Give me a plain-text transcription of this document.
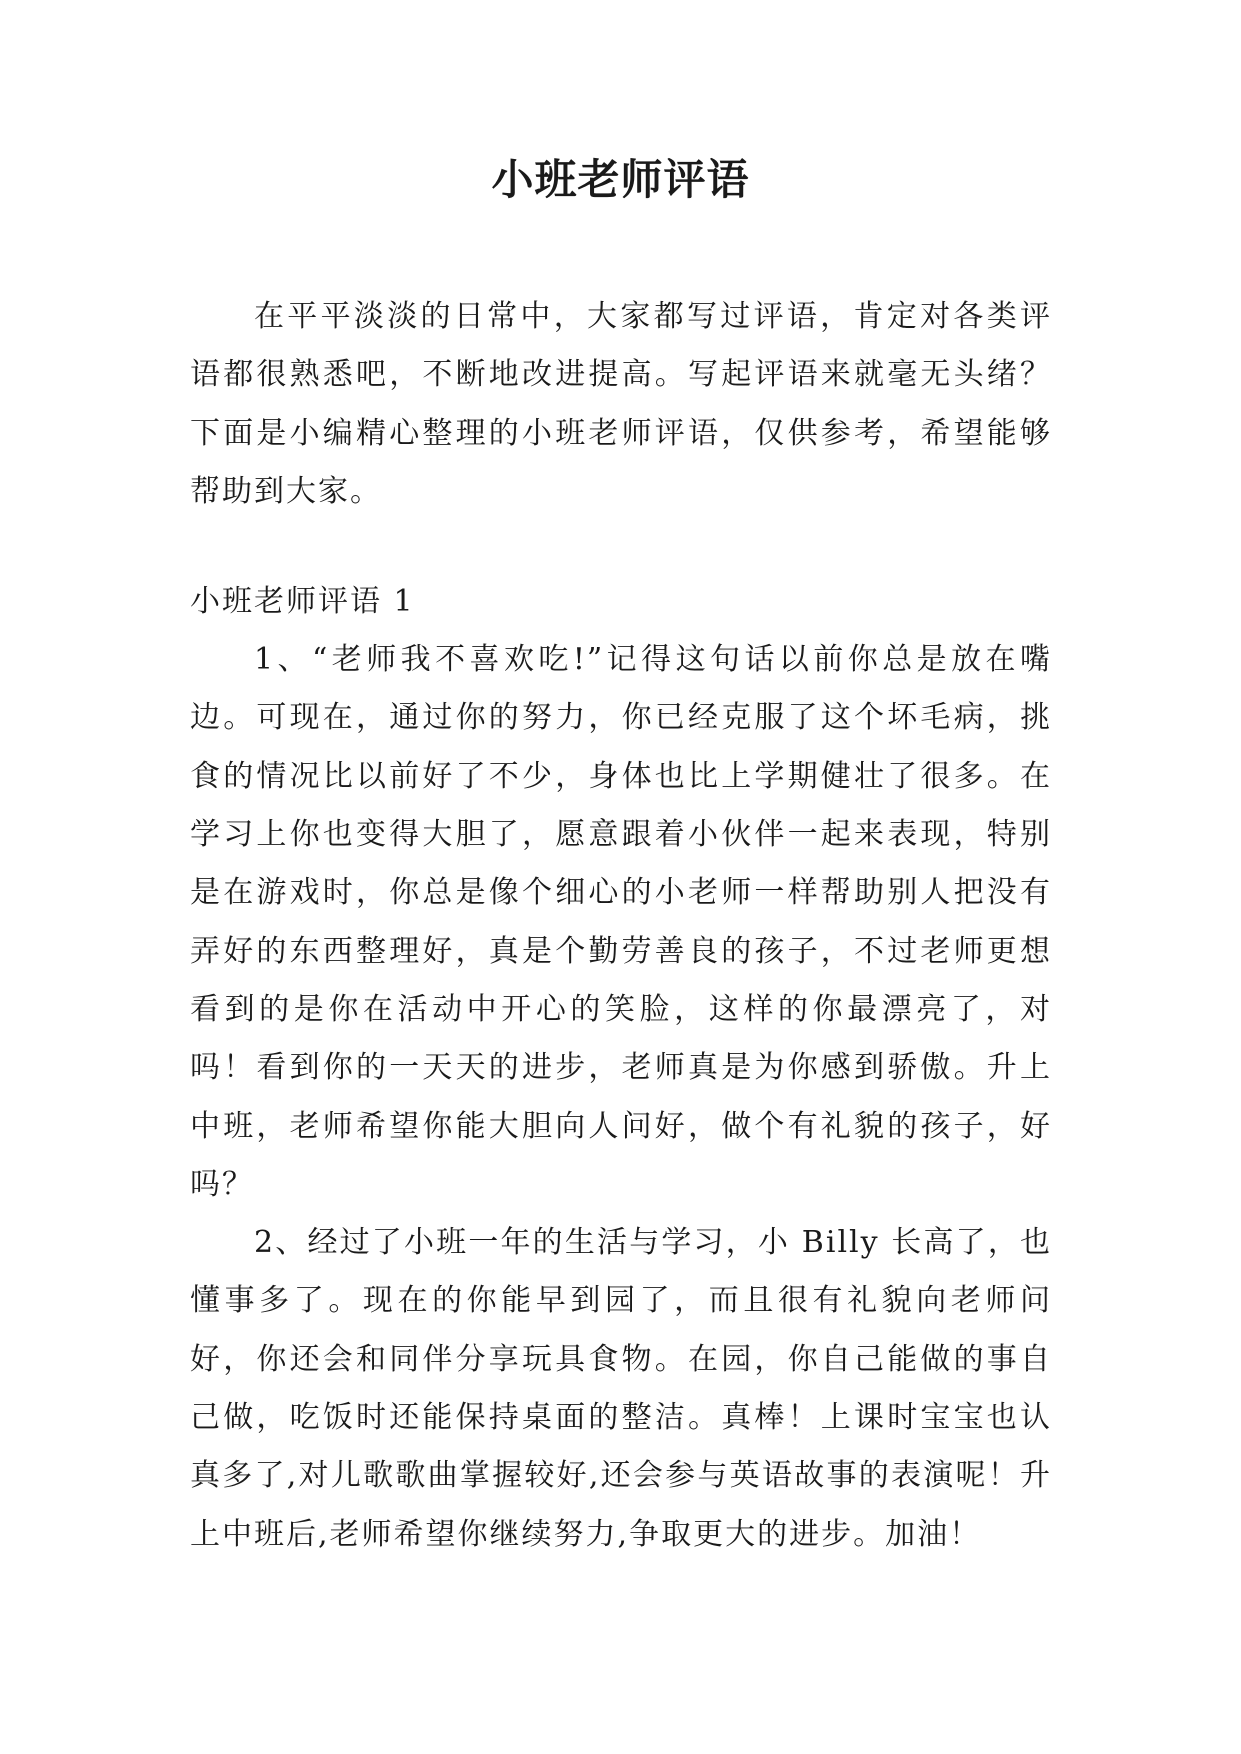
小班老师评语

在平平淡淡的日常中，大家都写过评语，肯定对各类评语都很熟悉吧，不断地改进提高。写起评语来就毫无头绪？下面是小编精心整理的小班老师评语，仅供参考，希望能够帮助到大家。

小班老师评语 1

1、“老师我不喜欢吃!”记得这句话以前你总是放在嘴边。可现在，通过你的努力，你已经克服了这个坏毛病，挑食的情况比以前好了不少，身体也比上学期健壮了很多。在学习上你也变得大胆了，愿意跟着小伙伴一起来表现，特别是在游戏时，你总是像个细心的小老师一样帮助别人把没有弄好的东西整理好，真是个勤劳善良的孩子，不过老师更想看到的是你在活动中开心的笑脸，这样的你最漂亮了，对吗！看到你的一天天的进步，老师真是为你感到骄傲。升上中班，老师希望你能大胆向人问好，做个有礼貌的孩子，好吗？

2、经过了小班一年的生活与学习，小 Billy 长高了，也懂事多了。现在的你能早到园了，而且很有礼貌向老师问好，你还会和同伴分享玩具食物。在园，你自己能做的事自己做，吃饭时还能保持桌面的整洁。真棒！上课时宝宝也认真多了,对儿歌歌曲掌握较好,还会参与英语故事的表演呢！升上中班后,老师希望你继续努力,争取更大的进步。加油！
